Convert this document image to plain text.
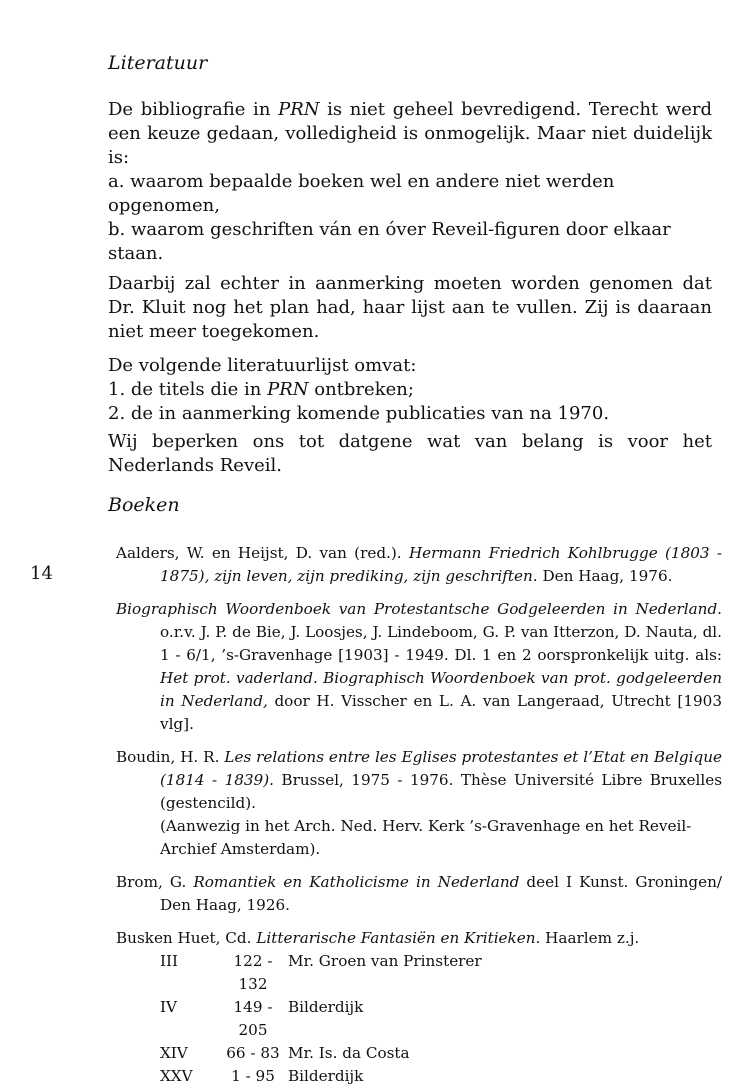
Literatuur

De bibliografie in PRN is niet geheel bevredigend. Terecht werd een keuze gedaan, volledigheid is onmogelijk. Maar niet duidelijk is:

a. waarom bepaalde boeken wel en andere niet werden opgenomen,

b. waarom geschriften ván en óver Reveil-figuren door elkaar staan.

Daarbij zal echter in aanmerking moeten worden genomen dat Dr. Kluit nog het plan had, haar lijst aan te vullen. Zij is daaraan niet meer toegekomen.

De volgende literatuurlijst omvat:

1. de titels die in PRN ontbreken;

2. de in aanmerking komende publicaties van na 1970.

Wij beperken ons tot datgene wat van belang is voor het Nederlands Reveil.

Boeken
14

Aalders, W. en Heijst, D. van (red.). Hermann Friedrich Kohlbrugge (1803 - 1875), zijn leven, zijn prediking, zijn geschriften. Den Haag, 1976.

Biographisch Woordenboek van Protestantsche Godgeleerden in Nederland. o.r.v. J. P. de Bie, J. Loosjes, J. Lindeboom, G. P. van Itterzon, D. Nauta, dl. 1 - 6/1, ’s-Gravenhage [1903] - 1949. Dl. 1 en 2 oorspronkelijk uitg. als: Het prot. vaderland. Biographisch Woordenboek van prot. godgeleerden in Nederland, door H. Visscher en L. A. van Langeraad, Utrecht [1903 vlg].

Boudin, H. R. Les relations entre les Eglises protestantes et l’Etat en Belgique (1814 - 1839). Brussel, 1975 - 1976. Thèse Université Libre Bruxelles (gestencild).

(Aanwezig in het Arch. Ned. Herv. Kerk ’s-Gravenhage en het Reveil-Archief Amsterdam).

Brom, G. Romantiek en Katholicisme in Nederland deel I Kunst. Groningen/ Den Haag, 1926.

Busken Huet, Cd. Litterarische Fantasiën en Kritieken. Haarlem z.j.

III	122 - 132	Mr. Groen van Prinsterer
IV	149 - 205	Bilderdijk
XIV	66 - 83	Mr. Is. da Costa
XXV	1 - 95	Bilderdijk
